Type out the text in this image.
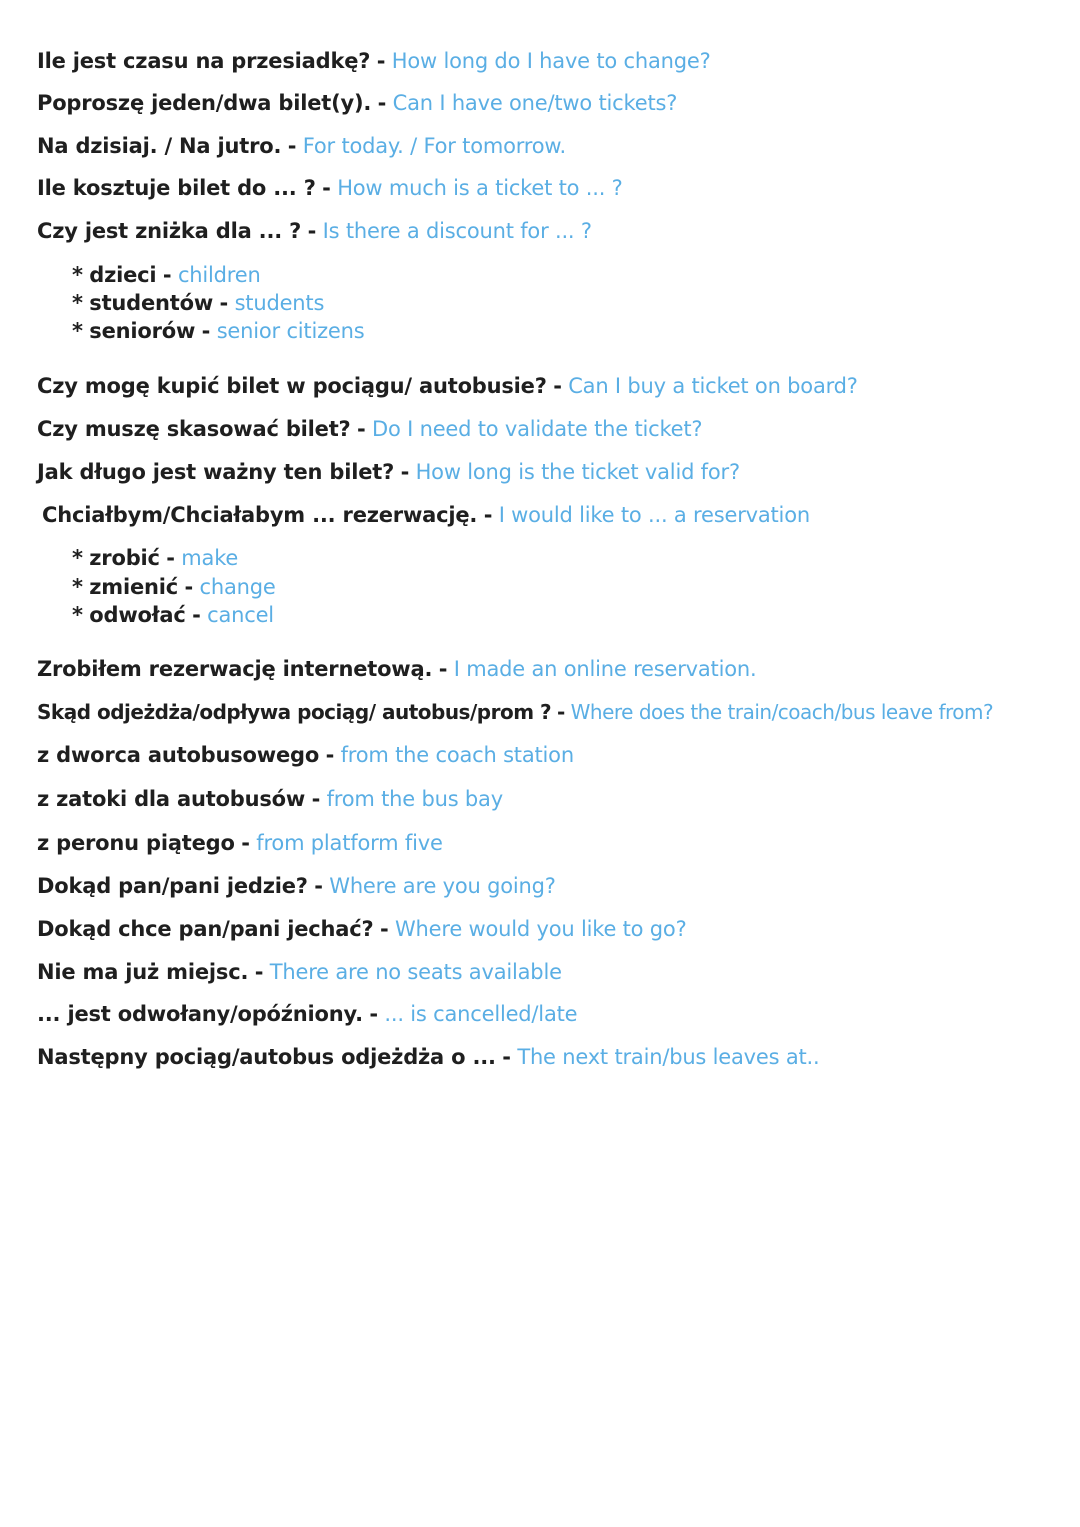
Ile jest czasu na przesiadkę? - How long do I have to change?
Poproszę jeden/dwa bilet(y). - Can I have one/two tickets?
Na dzisiaj. / Na jutro. - For today. / For tomorrow.
Ile kosztuje bilet do ... ? - How much is a ticket to ... ?
Czy jest zniżka dla ... ? - Is there a discount for ... ?
* dzieci - children
* studentów - students
* seniorów - senior citizens
Czy mogę kupić bilet w pociągu/ autobusie? - Can I buy a ticket on board?
Czy muszę skasować bilet? - Do I need to validate the ticket?
Jak długo jest ważny ten bilet? - How long is the ticket valid for?
Chciałbym/Chciałabym ... rezerwację. - I would like to ... a reservation
* zrobić - make
* zmienić - change
* odwołać - cancel
Zrobiłem rezerwację internetową. - I made an online reservation.
Skąd odjeżdża/odpływa pociąg/ autobus/prom ? - Where does the train/coach/bus leave from?
z dworca autobusowego - from the coach station
z zatoki dla autobusów - from the bus bay
z peronu piątego - from platform five
Dokąd pan/pani jedzie? - Where are you going?
Dokąd chce pan/pani jechać? - Where would you like to go?
Nie ma już miejsc. - There are no seats available
... jest odwołany/opóźniony. - ... is cancelled/late
Następny pociąg/autobus odjeżdża o ... - The next train/bus leaves at..
